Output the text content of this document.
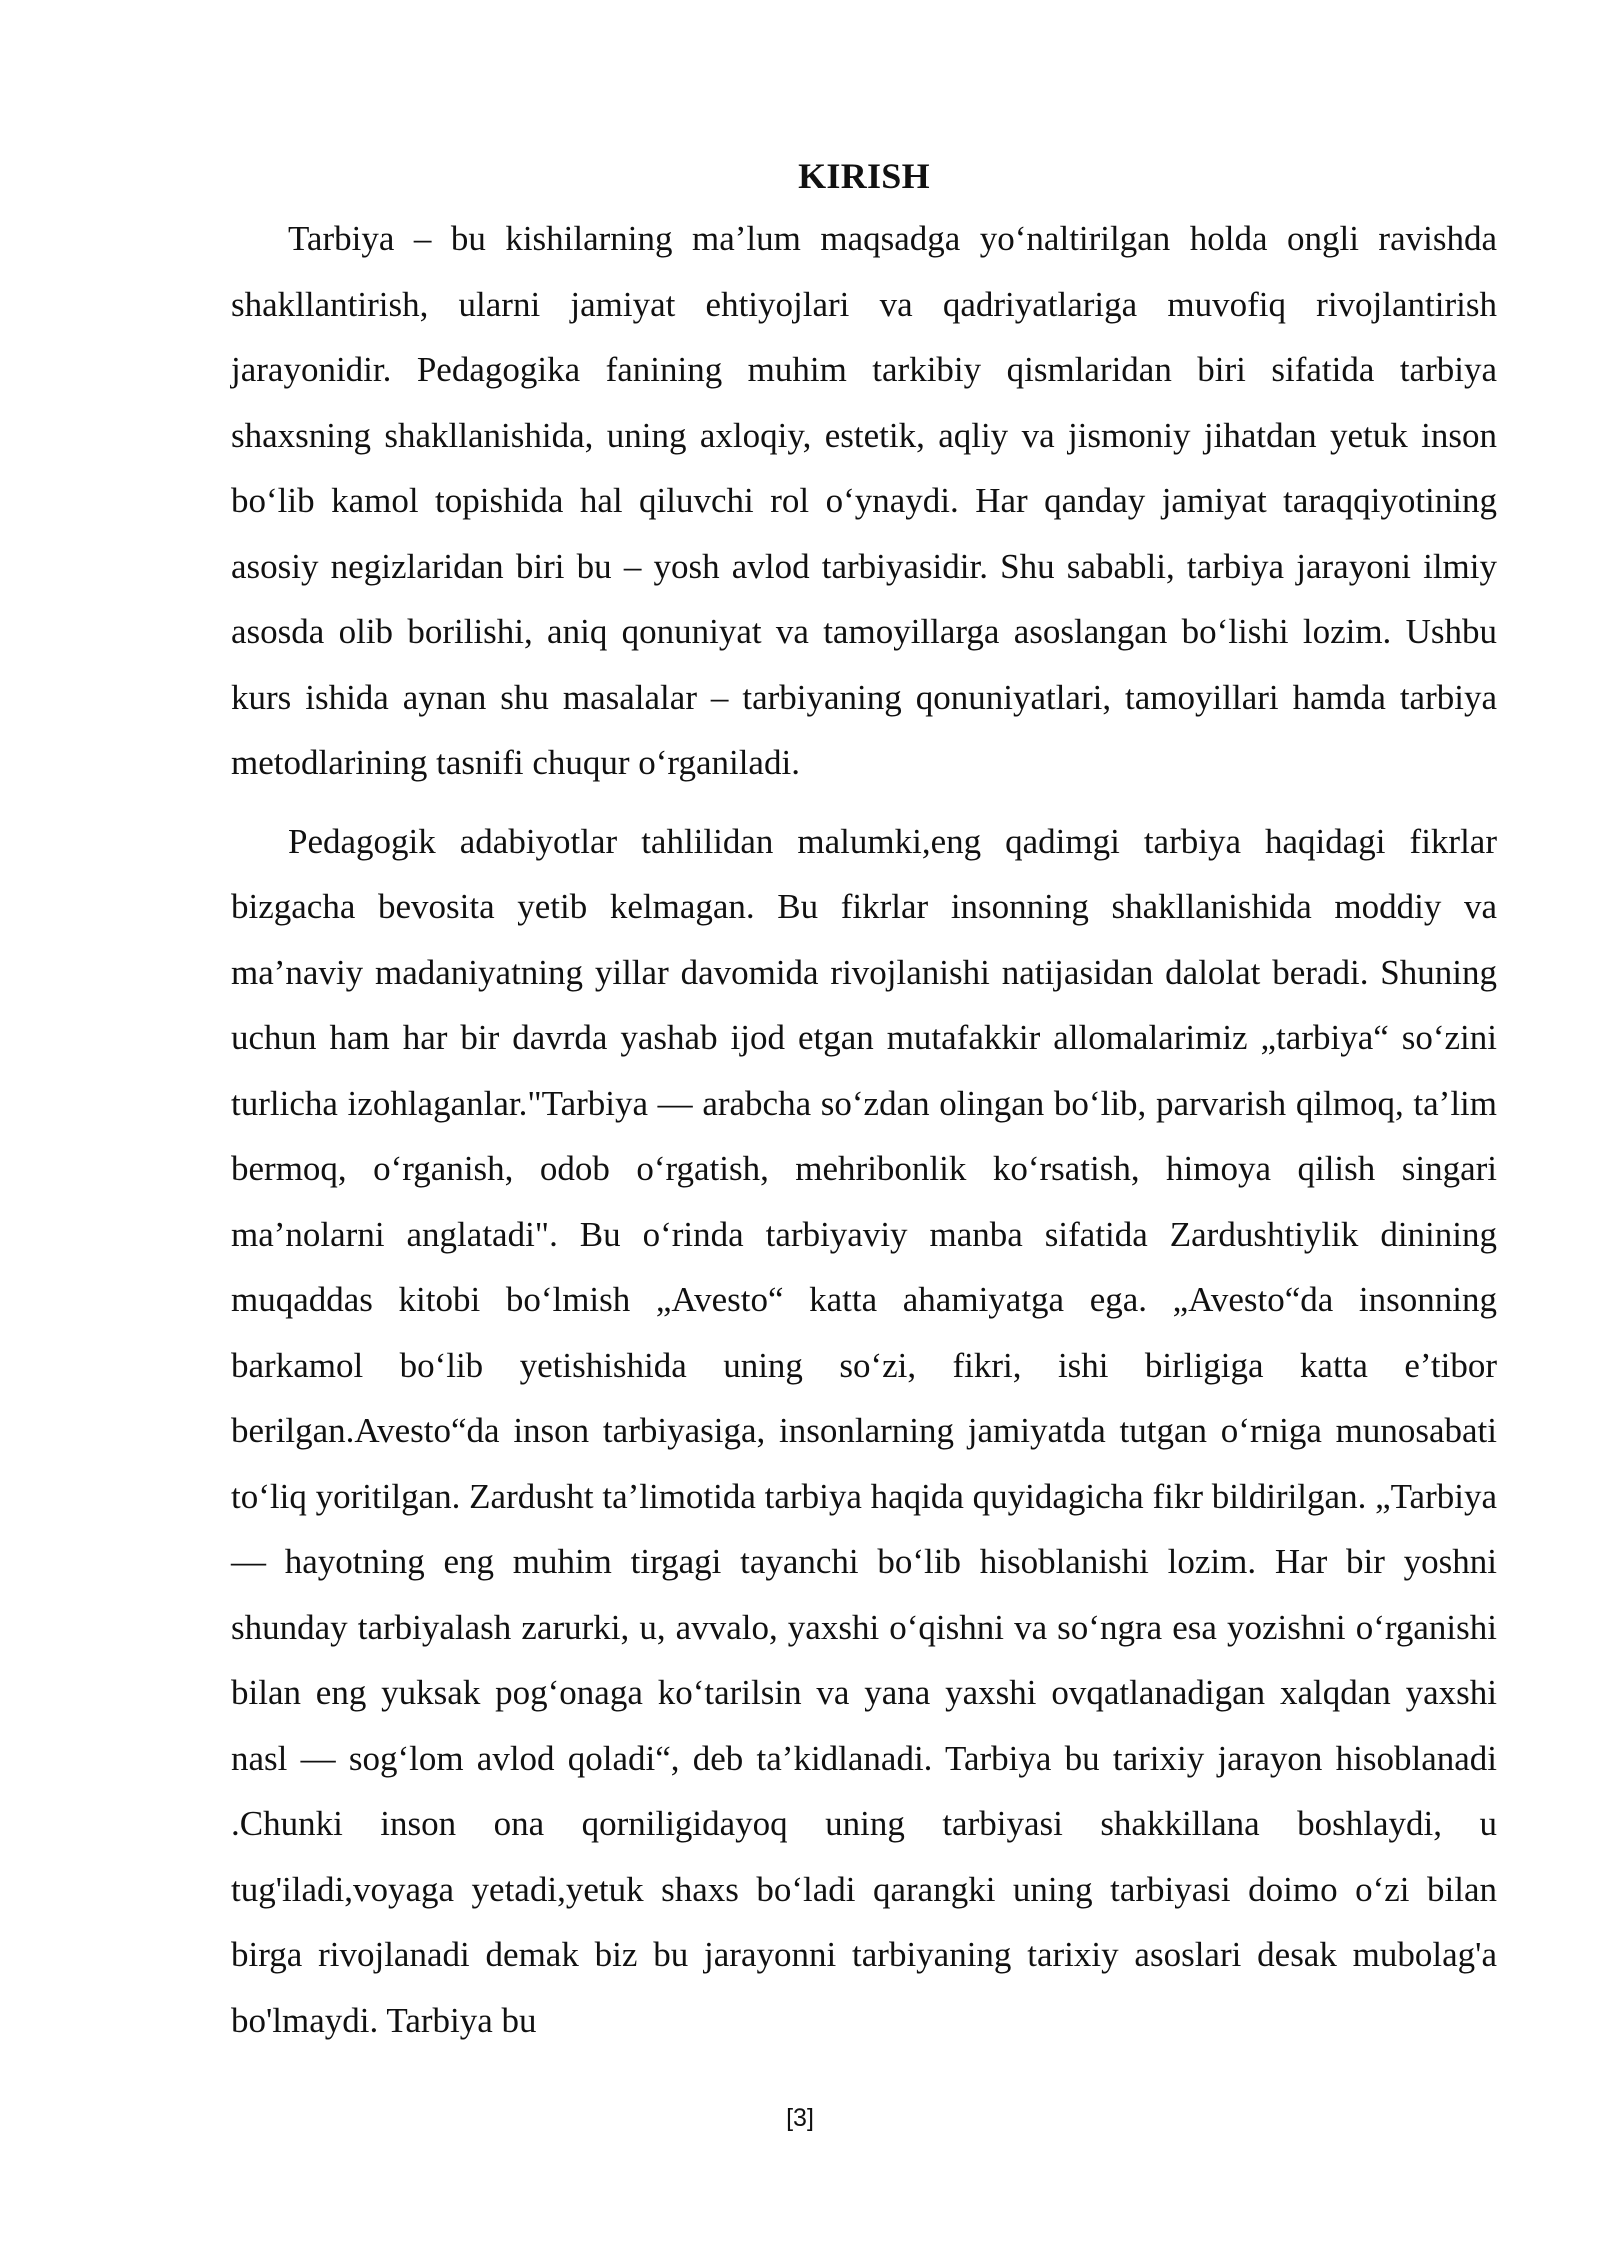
KIRISH

Tarbiya – bu kishilarning ma’lum maqsadga yo‘naltirilgan holda ongli ravishda shakllantirish, ularni jamiyat ehtiyojlari va qadriyatlariga muvofiq rivojlantirish jarayonidir. Pedagogika fanining muhim tarkibiy qismlaridan biri sifatida tarbiya shaxsning shakllanishida, uning axloqiy, estetik, aqliy va jismoniy jihatdan yetuk inson bo‘lib kamol topishida hal qiluvchi rol o‘ynaydi. Har qanday jamiyat taraqqiyotining asosiy negizlaridan biri bu – yosh avlod tarbiyasidir. Shu sababli, tarbiya jarayoni ilmiy asosda olib borilishi, aniq qonuniyat va tamoyillarga asoslangan bo‘lishi lozim. Ushbu kurs ishida aynan shu masalalar – tarbiyaning qonuniyatlari, tamoyillari hamda tarbiya metodlarining tasnifi chuqur o‘rganiladi.

Pedagogik adabiyotlar tahlilidan malumki,eng qadimgi tarbiya haqidagi fikrlar bizgacha bevosita yetib kelmagan. Bu fikrlar insonning shakllanishida moddiy va ma’naviy madaniyatning yillar davomida rivojlanishi natijasidan dalolat beradi. Shuning uchun ham har bir davrda yashab ijod etgan mutafakkir allomalarimiz „tarbiya“ so‘zini turlicha izohlaganlar."Tarbiya — arabcha so‘zdan olingan bo‘lib, parvarish qilmoq, ta’lim bermoq, o‘rganish, odob o‘rgatish, mehribonlik ko‘rsatish, himoya qilish singari ma’nolarni anglatadi". Bu o‘rinda tarbiyaviy manba sifatida Zardushtiylik dinining muqaddas kitobi bo‘lmish „Avesto“ katta ahamiyatga ega. „Avesto“da insonning barkamol bo‘lib yetishishida uning so‘zi, fikri, ishi birligiga katta e’tibor berilgan.Avesto“da inson tarbiyasiga, insonlarning jamiyatda tutgan o‘rniga munosabati to‘liq yoritilgan. Zardusht ta’limotida tarbiya haqida quyidagicha fikr bildirilgan. „Tarbiya — hayotning eng muhim tirgagi tayanchi bo‘lib hisoblanishi lozim. Har bir yoshni shunday tarbiyalash zarurki, u, avvalo, yaxshi o‘qishni va so‘ngra esa yozishni o‘rganishi bilan eng yuksak pog‘onaga ko‘tarilsin va yana yaxshi ovqatlanadigan xalqdan yaxshi nasl — sog‘lom avlod qoladi“, deb ta’kidlanadi. Tarbiya bu tarixiy jarayon hisoblanadi .Chunki inson ona qorniligidayoq uning tarbiyasi shakkillana boshlaydi, u tug'iladi,voyaga yetadi,yetuk shaxs bo‘ladi qarangki uning tarbiyasi doimo o‘zi bilan birga rivojlanadi demak biz bu jarayonni tarbiyaning tarixiy asoslari desak mubolag'a bo'lmaydi. Tarbiya bu

[3]
